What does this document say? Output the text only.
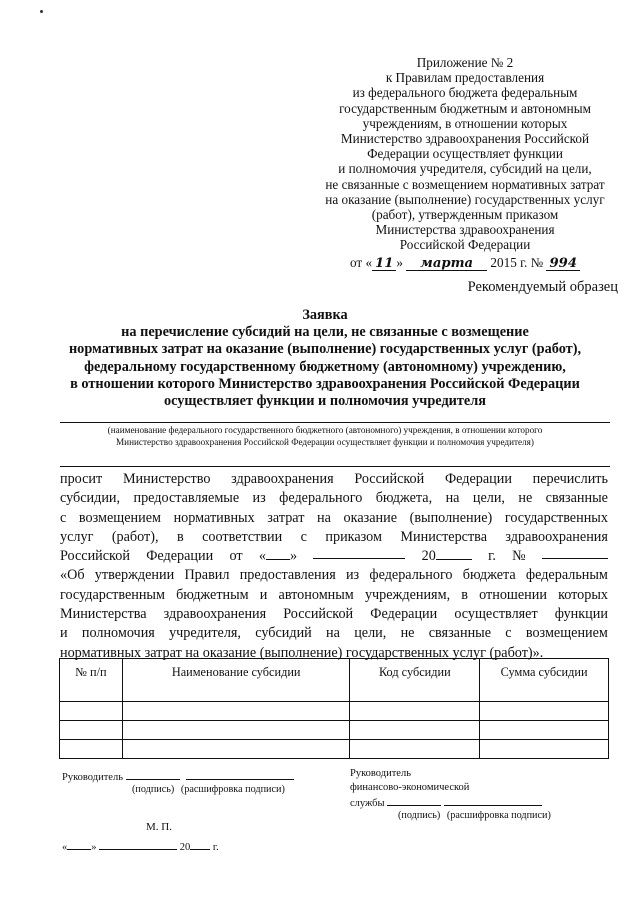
Приложение № 2
к Правилам предоставления
из федерального бюджета федеральным
государственным бюджетным и автономным
учреждениям, в отношении которых
Министерство здравоохранения Российской
Федерации осуществляет функции
и полномочия учредителя, субсидий на цели,
не связанные с возмещением нормативных затрат
на оказание (выполнение) государственных услуг
(работ), утвержденным приказом
Министерства здравоохранения
Российской Федерации
от « 11 » марта 2015 г. № 994
Рекомендуемый образец
Заявка
на перечисление субсидий на цели, не связанные с возмещение
нормативных затрат на оказание (выполнение) государственных услуг (работ),
федеральному государственному бюджетному (автономному) учреждению,
в отношении которого Министерство здравоохранения Российской Федерации
осуществляет функции и полномочия учредителя
(наименование федерального государственного бюджетного (автономного) учреждения, в отношении которого
Министерство здравоохранения Российской Федерации осуществляет функции и полномочия учредителя)
просит Министерство здравоохранения Российской Федерации перечислить
субсидии, предоставляемые из федерального бюджета, на цели, не связанные
с возмещением нормативных затрат на оказание (выполнение) государственных
услуг (работ), в соответствии с приказом Министерства здравоохранения
Российской Федерации от « »	20	г. №
«Об утверждении Правил предоставления из федерального бюджета федеральным
государственным бюджетным и автономным учреждениям, в отношении которых
Министерства здравоохранения Российской Федерации осуществляет функции
и полномочия учредителя, субсидий на цели, не связанные с возмещением
нормативных затрат на оказание (выполнение) государственных услуг (работ)».
№ п/п	Наименование субсидии	Код субсидии	Сумма субсидии

Руководитель
(подпись) (расшифровка подписи)
Руководитель
финансово-экономической
службы
(подпись) (расшифровка подписи)
М. П.
« »	20 г.
